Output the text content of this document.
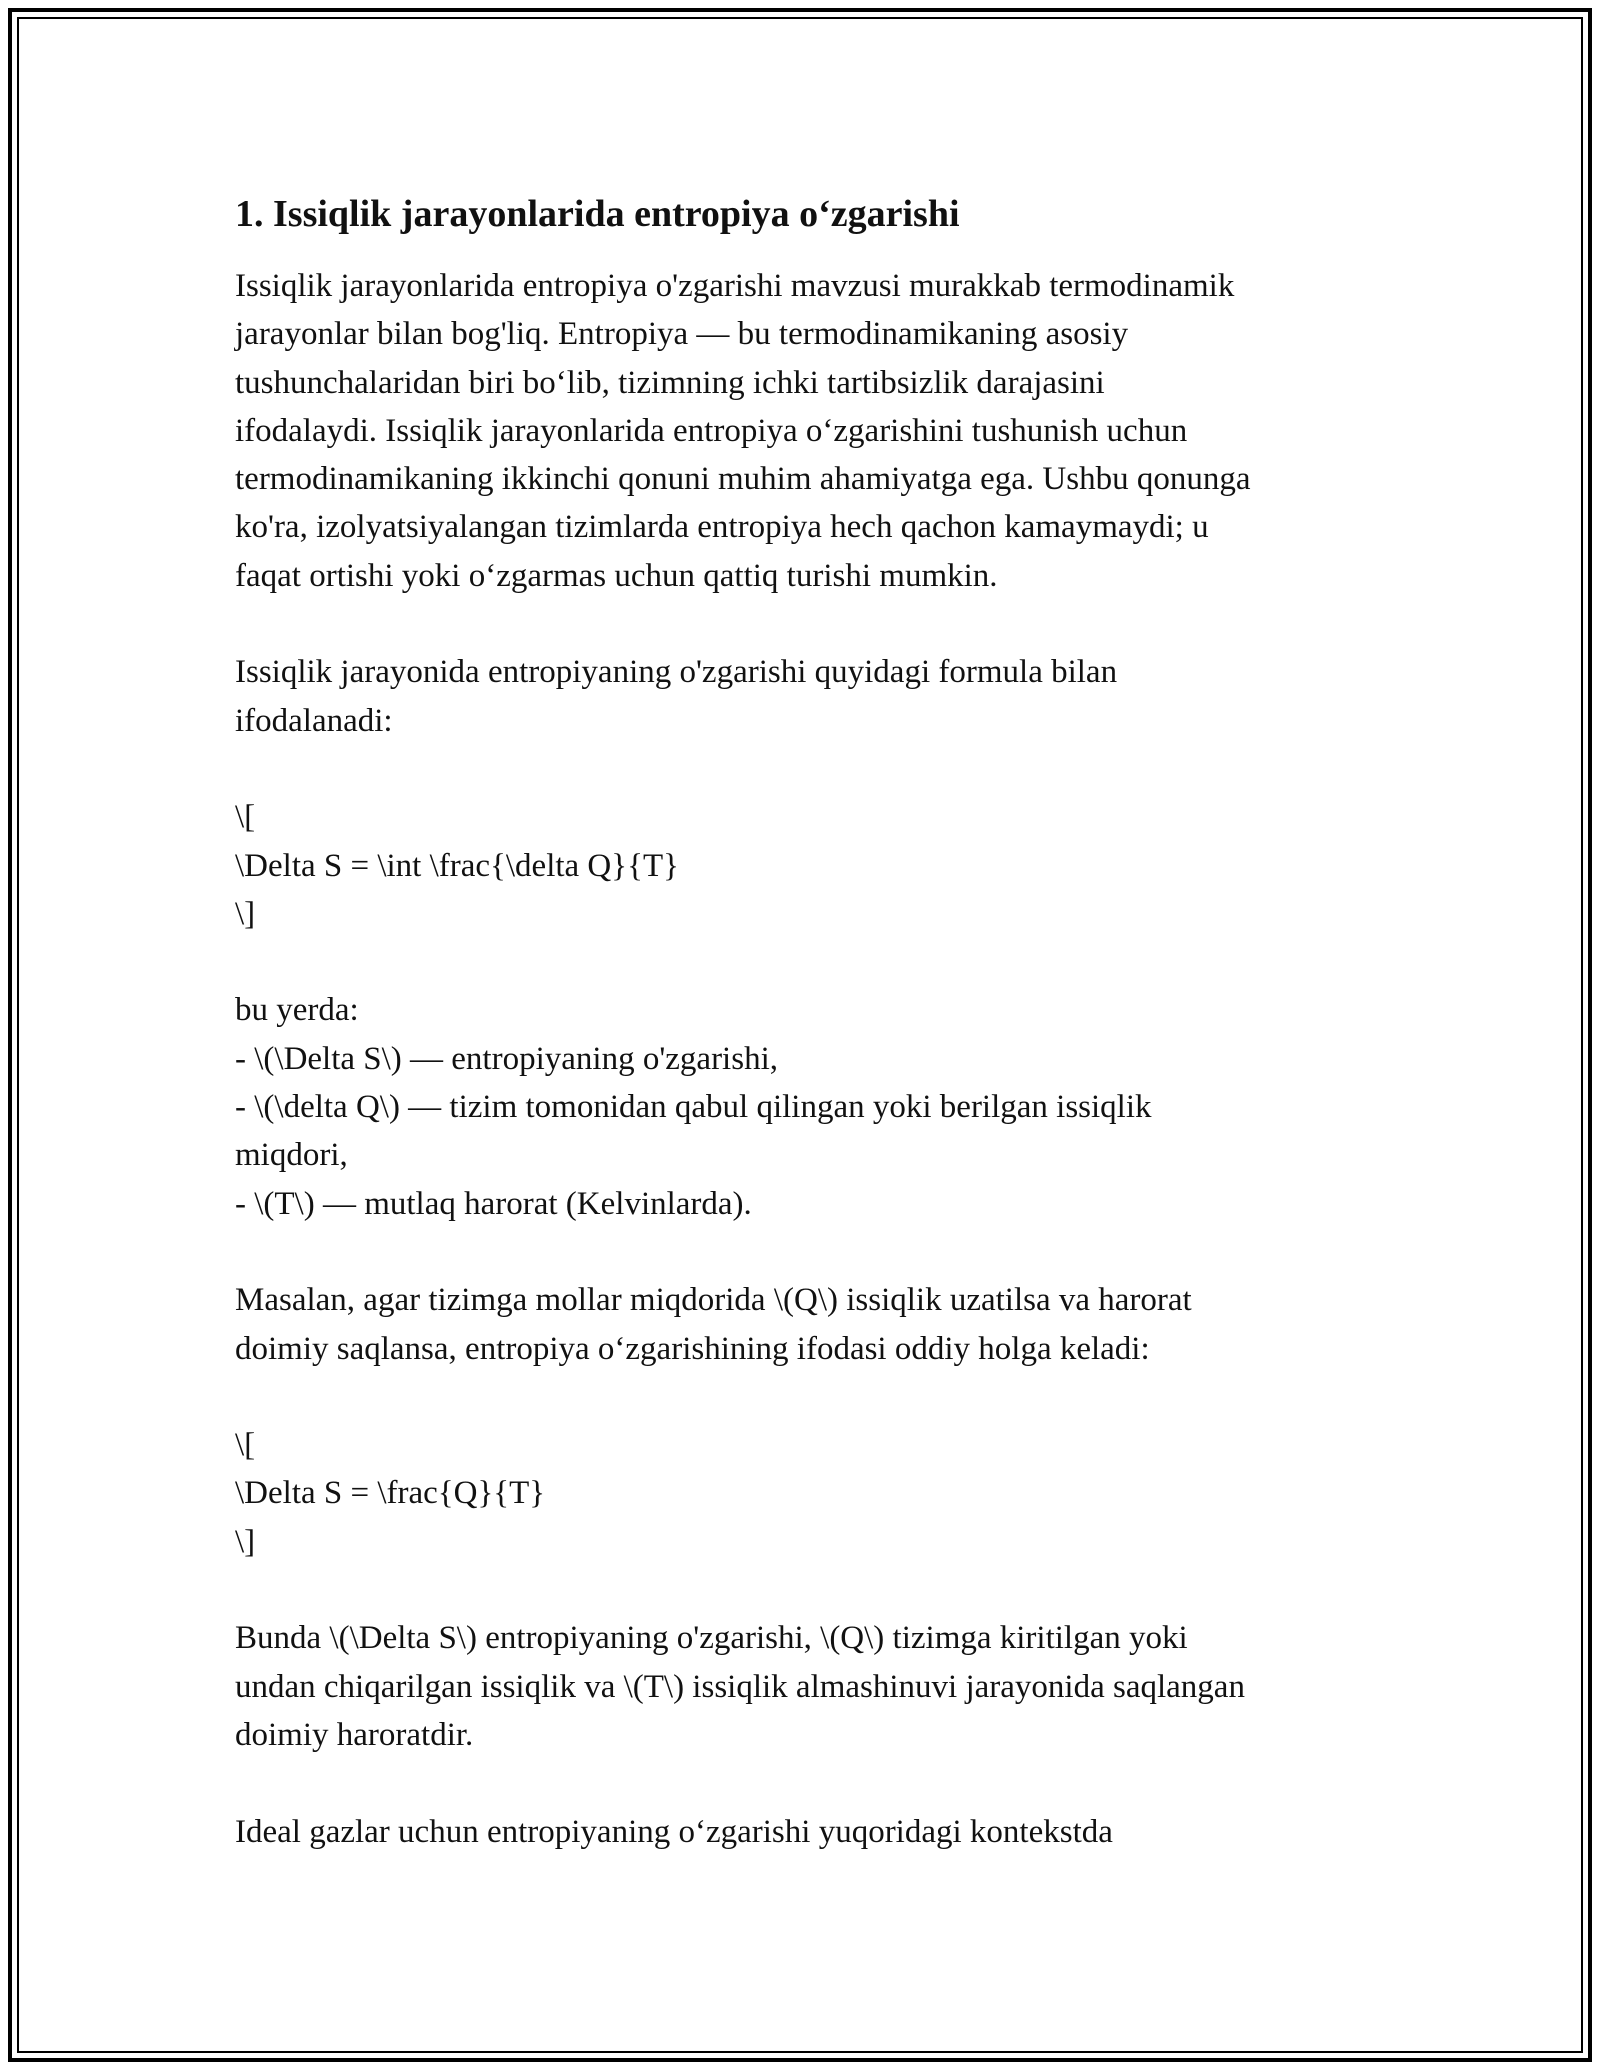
1. Issiqlik jarayonlarida entropiya o‘zgarishi

Issiqlik jarayonlarida entropiya o'zgarishi mavzusi murakkab termodinamik
jarayonlar bilan bog'liq. Entropiya — bu termodinamikaning asosiy
tushunchalaridan biri bo‘lib, tizimning ichki tartibsizlik darajasini
ifodalaydi. Issiqlik jarayonlarida entropiya o‘zgarishini tushunish uchun
termodinamikaning ikkinchi qonuni muhim ahamiyatga ega. Ushbu qonunga
ko'ra, izolyatsiyalangan tizimlarda entropiya hech qachon kamaymaydi; u
faqat ortishi yoki o‘zgarmas uchun qattiq turishi mumkin.

Issiqlik jarayonida entropiyaning o'zgarishi quyidagi formula bilan
ifodalanadi:

\[
\Delta S = \int \frac{\delta Q}{T}
\]

bu yerda:
- \(\Delta S\) — entropiyaning o'zgarishi,
- \(\delta Q\) — tizim tomonidan qabul qilingan yoki berilgan issiqlik
miqdori,
- \(T\) — mutlaq harorat (Kelvinlarda).

Masalan, agar tizimga mollar miqdorida \(Q\) issiqlik uzatilsa va harorat
doimiy saqlansa, entropiya o‘zgarishining ifodasi oddiy holga keladi:

\[
\Delta S = \frac{Q}{T}
\]

Bunda \(\Delta S\) entropiyaning o'zgarishi, \(Q\) tizimga kiritilgan yoki
undan chiqarilgan issiqlik va \(T\) issiqlik almashinuvi jarayonida saqlangan
doimiy haroratdir.

Ideal gazlar uchun entropiyaning o‘zgarishi yuqoridagi kontekstda
